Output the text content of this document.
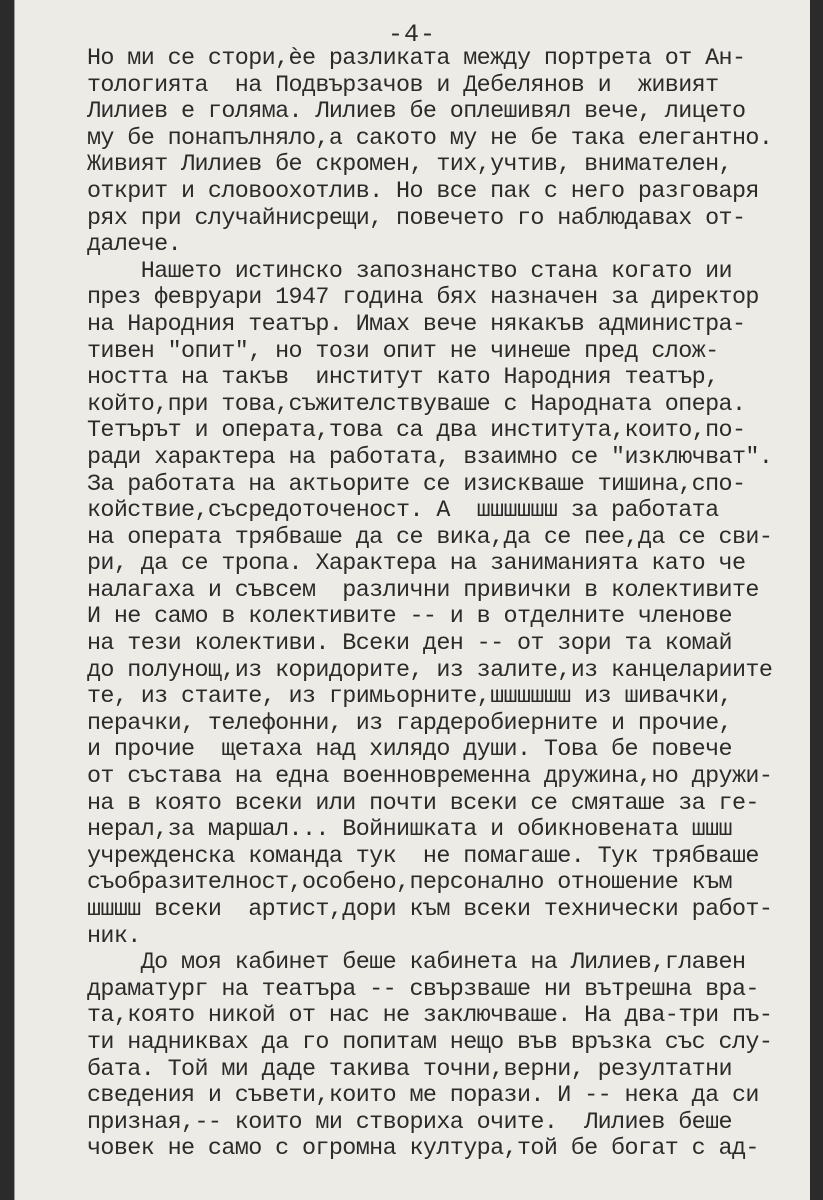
-4-
Но ми се стори,ѐе разликата между портрета от Ан-
тологията  на Подвързачов и Дебелянов и  живият
Лилиев е голяма. Лилиев бе оплешивял вече, лицето
му бе понапълняло,а сакото му не бе така елегантно.
Живият Лилиев бе скромен, тих,учтив, внимателен,
открит и словоохотлив. Но все пак с него разговаря
рях при случайнисрещи, повечето го наблюдавах от-
далече.
Нашето истинско запознанство стана когато ии
през февруари 1947 година бях назначен за директор
на Народния театър. Имах вече някакъв администра-
тивен "опит", но този опит не чинеше пред слож-
ността на такъв  институт като Народния театър,
който,при това,съжителствуваше с Народната опера.
Тетърът и операта,това са два института,които,по-
ради характера на работата, взаимно се "изключват".
За работата на актьорите се изискваше тишина,спо-
койствие,съсредоточеност. А  шшшшшш за работата
на операта трябваше да се вика,да се пее,да се сви-
ри, да се тропа. Характера на заниманията като че
налагаха и съвсем  различни привички в колективите
И не само в колективите -- и в отделните членове
на тези колективи. Всеки ден -- от зори та комай
до полунощ,из коридорите, из залите,из канцелариите
те, из стаите, из гримьорните,шшшшшш из шивачки,
перачки, телефонни, из гардеробиерните и прочие,
и прочие  щетаха над хилядо души. Това бе повече
от състава на една военновременна дружина,но дружи-
на в която всеки или почти всеки се смяташе за ге-
нерал,за маршал... Войнишката и обикновената шшш
учрежденска команда тук  не помагаше. Тук трябваше
съобразителност,особено,персонално отношение към
шшшш всеки  артист,дори към всеки технически работ-
ник.
До моя кабинет беше кабинета на Лилиев,главен
драматург на театъра -- свързваше ни вътрешна вра-
та,която никой от нас не заключваше. На два-три пъ-
ти надниквах да го попитам нещо във връзка със слу-
бата. Той ми даде такива точни,верни, резултатни
сведения и съвети,които ме порази. И -- нека да си
призная,-- които ми створиха очите.  Лилиев беше
човек не само с огромна култура,той бе богат с ад-
